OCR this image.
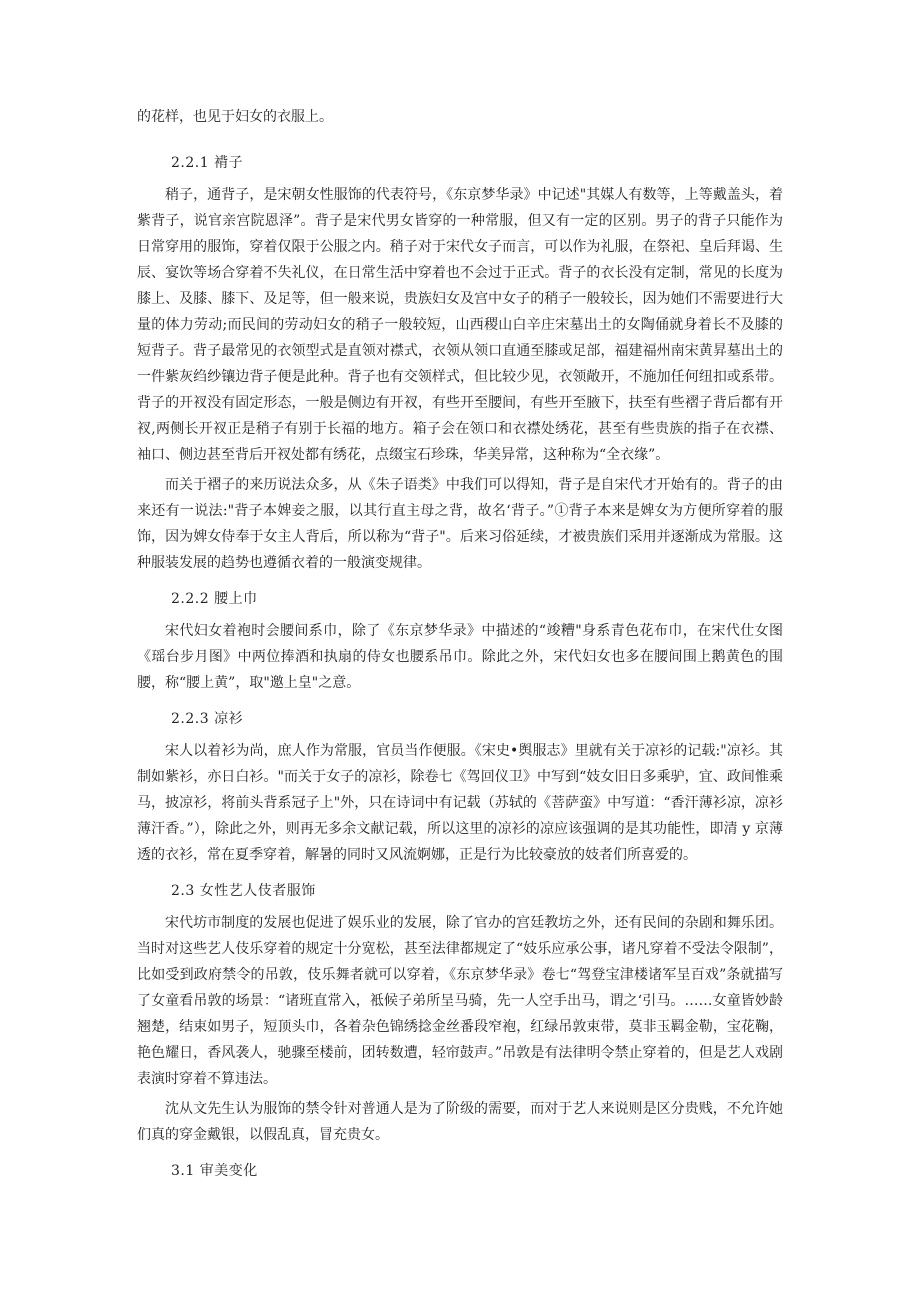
的花样，也见于妇女的衣服上。

2.2.1 褙子

稍子，通背子，是宋朝女性服饰的代表符号，《东京梦华录》中记述"其媒人有数等，上等戴盖头，着紫背子，说官亲宫院恩泽”。背子是宋代男女皆穿的一种常服，但又有一定的区别。男子的背子只能作为日常穿用的服饰，穿着仅限于公服之内。稍子对于宋代女子而言，可以作为礼服，在祭祀、皇后拜谒、生辰、宴饮等场合穿着不失礼仪，在日常生活中穿着也不会过于正式。背子的衣长没有定制，常见的长度为膝上、及膝、膝下、及足等，但一般来说，贵族妇女及宫中女子的稍子一般较长，因为她们不需要进行大量的体力劳动;而民间的劳动妇女的稍子一般较短，山西稷山白辛庄宋墓出土的女陶俑就身着长不及膝的短背子。背子最常见的衣领型式是直领对襟式，衣领从领口直通至膝或足部，福建福州南宋黄昇墓出土的一件紫灰绉纱镶边背子便是此种。背子也有交领样式，但比较少见，衣领敞开，不施加任何纽扣或系带。背子的开衩没有固定形态，一般是侧边有开衩，有些开至腰间，有些开至腋下，扶至有些褶子背后都有开衩,两侧长开衩正是稍子有别于长福的地方。箱子会在领口和衣襟处绣花，甚至有些贵族的指子在衣襟、袖口、侧边甚至背后开衩处都有绣花，点缀宝石珍珠，华美异常，这种称为“全衣缘”。

而关于褶子的来历说法众多，从《朱子语类》中我们可以得知，背子是自宋代才开始有的。背子的由来还有一说法:"背子本婢妾之服，以其行直主母之背，故名‘背子。”①背子本来是婢女为方便所穿着的服饰，因为婢女侍奉于女主人背后，所以称为“背子"。后来习俗延续，才被贵族们采用并逐渐成为常服。这种服装发展的趋势也遵循衣着的一般演变规律。

2.2.2 腰上巾

宋代妇女着袍时会腰间系巾，除了《东京梦华录》中描述的“竣糟"身系青色花布巾，在宋代仕女图《瑶台步月图》中两位捧酒和执扇的侍女也腰系吊巾。除此之外，宋代妇女也多在腰间围上鹅黄色的围腰，称“腰上黄”，取"邀上皇"之意。

2.2.3 凉衫

宋人以着衫为尚，庶人作为常服，官员当作便服。《宋史•舆服志》里就有关于凉衫的记载:"凉衫。其制如紫衫，亦日白衫。"而关于女子的凉衫，除卷七《驾回仪卫》中写到“妓女旧日多乘驴，宜、政间惟乘马，披凉衫，将前头背系冠子上"外，只在诗词中有记载（苏轼的《菩萨蛮》中写道：“香汗薄衫凉，凉衫薄汗香。”），除此之外，则再无多余文献记载，所以这里的凉衫的凉应该强调的是其功能性，即清 y 京薄透的衣衫，常在夏季穿着，解暑的同时又风流婀娜，正是行为比较豪放的妓者们所喜爱的。

2.3 女性艺人伎者服饰

宋代坊市制度的发展也促进了娱乐业的发展，除了官办的宫廷教坊之外，还有民间的杂剧和舞乐团。当时对这些艺人伎乐穿着的规定十分宽松，甚至法律都规定了“妓乐应承公事，诸凡穿着不受法令限制”，比如受到政府禁令的吊敦，伎乐舞者就可以穿着，《东京梦华录》卷七“驾登宝津楼诸军呈百戏”条就描写了女童看吊敦的场景：“诸班直常入，袛候子弟所呈马骑，先一人空手出马，谓之‘引马。……女童皆妙龄翘楚，结束如男子，短顶头巾，各着杂色锦绣捻金丝番段窄袍，红绿吊敦束带，莫非玉羁金勒，宝花鞠，艳色耀日，香风袭人，驰骤至楼前，团转数遭，轻帘鼓声。”吊敦是有法律明令禁止穿着的，但是艺人戏剧表演时穿着不算违法。

沈从文先生认为服饰的禁令针对普通人是为了阶级的需要，而对于艺人来说则是区分贵贱，不允许她们真的穿金戴银，以假乱真，冒充贵女。

3.1 审美变化
